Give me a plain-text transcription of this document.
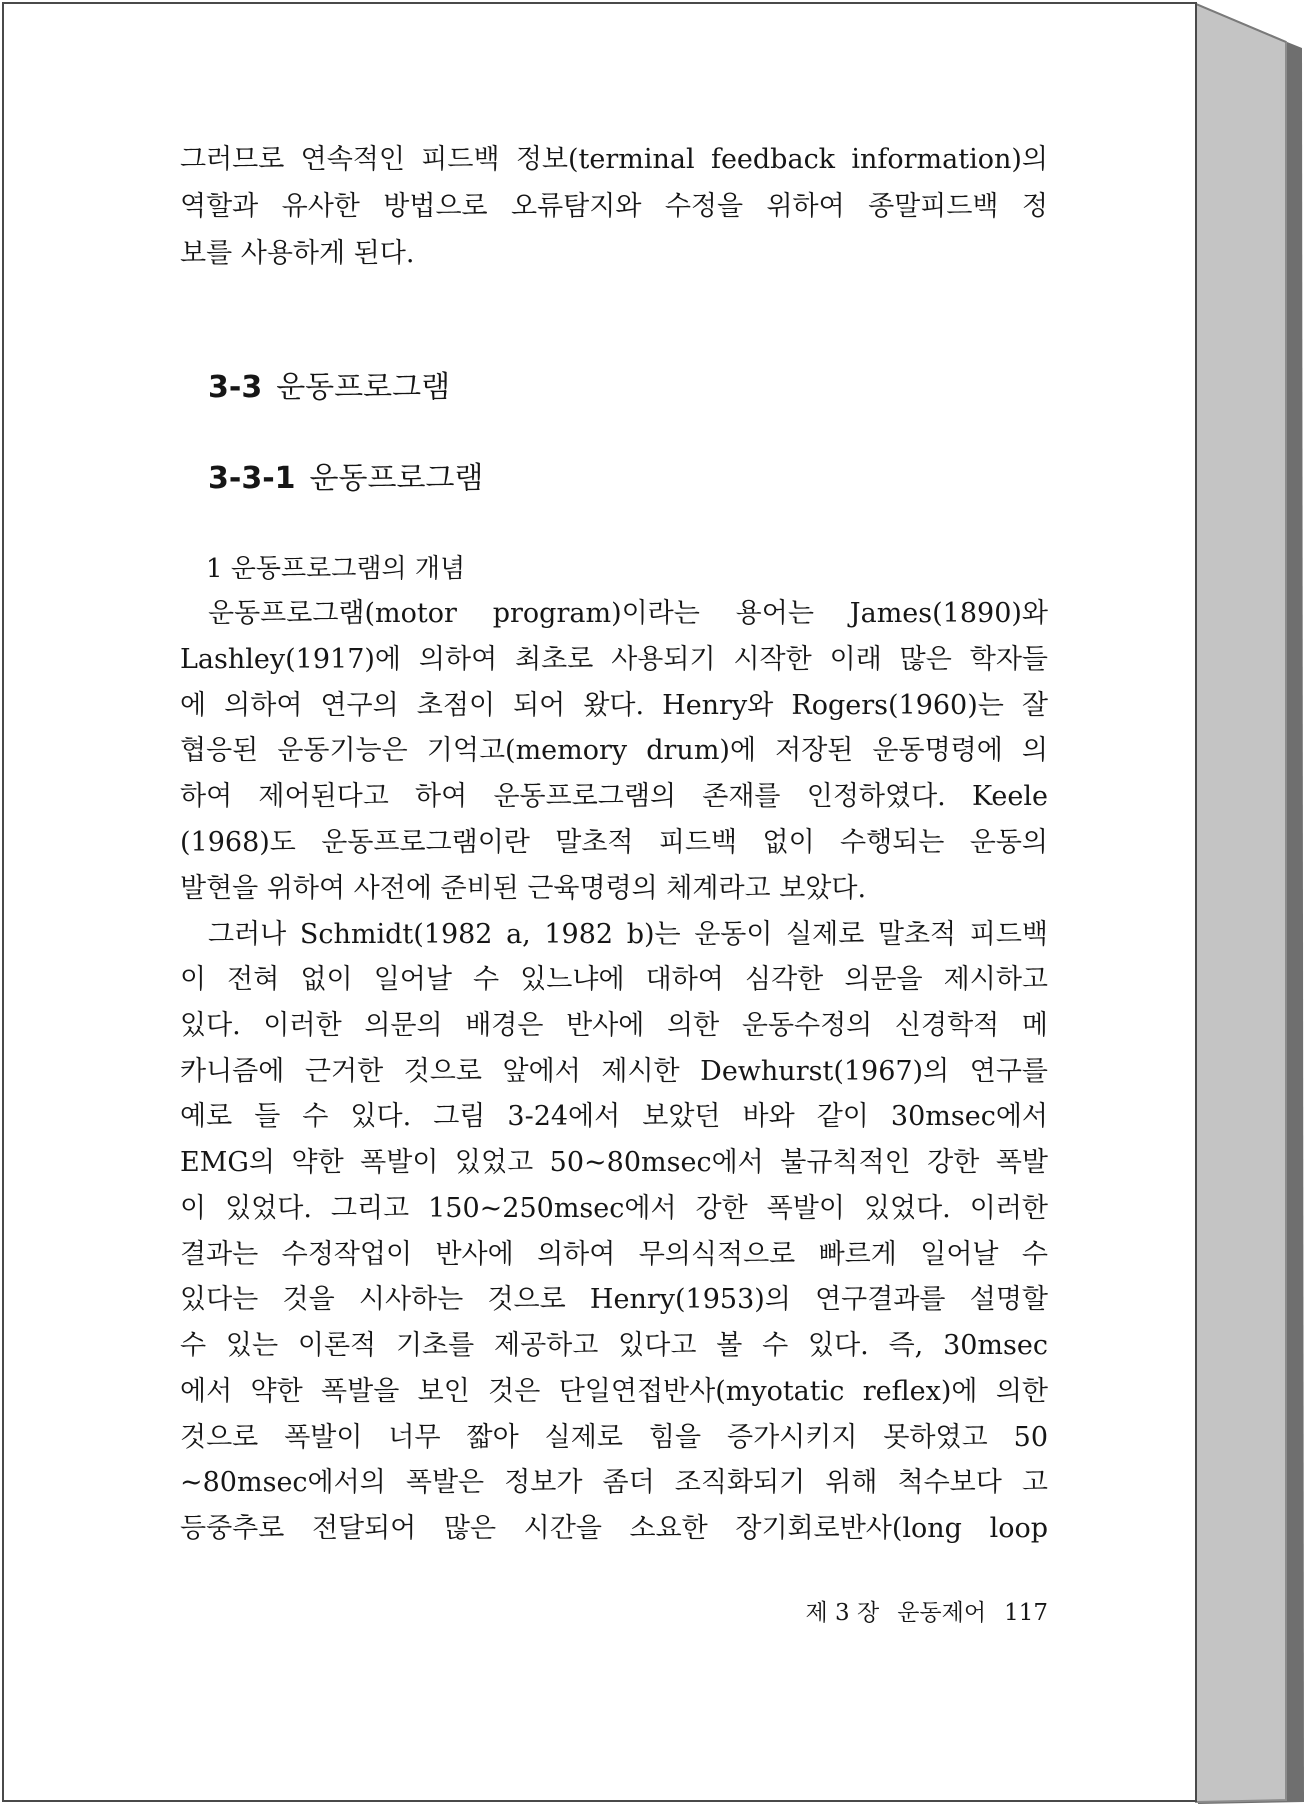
그러므로 연속적인 피드백 정보(terminal feedback information)의
역할과 유사한 방법으로 오류탐지와 수정을 위하여 종말피드백 정
보를 사용하게 된다.
3-3 운동프로그램
3-3-1 운동프로그램
1 운동프로그램의 개념
운동프로그램(motor program)이라는 용어는 James(1890)와
Lashley(1917)에 의하여 최초로 사용되기 시작한 이래 많은 학자들
에 의하여 연구의 초점이 되어 왔다. Henry와 Rogers(1960)는 잘
협응된 운동기능은 기억고(memory drum)에 저장된 운동명령에 의
하여 제어된다고 하여 운동프로그램의 존재를 인정하였다. Keele
(1968)도 운동프로그램이란 말초적 피드백 없이 수행되는 운동의
발현을 위하여 사전에 준비된 근육명령의 체계라고 보았다.
그러나 Schmidt(1982 a, 1982 b)는 운동이 실제로 말초적 피드백
이 전혀 없이 일어날 수 있느냐에 대하여 심각한 의문을 제시하고
있다. 이러한 의문의 배경은 반사에 의한 운동수정의 신경학적 메
카니즘에 근거한 것으로 앞에서 제시한 Dewhurst(1967)의 연구를
예로 들 수 있다. 그림 3-24에서 보았던 바와 같이 30msec에서
EMG의 약한 폭발이 있었고 50~80msec에서 불규칙적인 강한 폭발
이 있었다. 그리고 150~250msec에서 강한 폭발이 있었다. 이러한
결과는 수정작업이 반사에 의하여 무의식적으로 빠르게 일어날 수
있다는 것을 시사하는 것으로 Henry(1953)의 연구결과를 설명할
수 있는 이론적 기초를 제공하고 있다고 볼 수 있다. 즉, 30msec
에서 약한 폭발을 보인 것은 단일연접반사(myotatic reflex)에 의한
것으로 폭발이 너무 짧아 실제로 힘을 증가시키지 못하였고 50
~80msec에서의 폭발은 정보가 좀더 조직화되기 위해 척수보다 고
등중추로 전달되어 많은 시간을 소요한 장기회로반사(long loop
제 3 장 운동제어 117
